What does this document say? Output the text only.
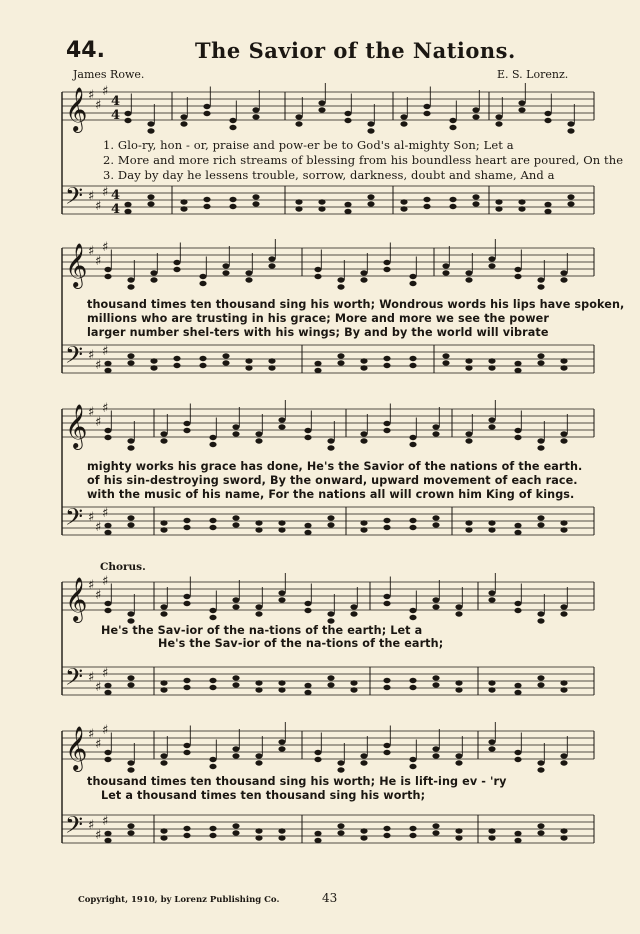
44.	The Savior of the Nations.
James Rowe.	E. S. Lorenz.
𝄞 ♯
♯
♯
4
4
𝄢 ♯
♯
♯ 4
4
𝄞 ♯
♯
♯
𝄢 ♯
♯
♯
𝄞 ♯
♯
♯
𝄢 ♯
♯
♯
𝄞 ♯
♯
♯
𝄢 ♯
♯
♯
𝄞 ♯
♯
♯
𝄢 ♯
♯
♯
1. Glo-ry, hon - or, praise and pow-er be to God's al-mighty Son; Let a
2. More and more rich streams of blessing from his boundless heart are poured, On the
3. Day by day he lessens trouble, sorrow, darkness, doubt and shame, And a
thousand times ten thousand sing his worth; Wondrous words his lips have spoken,
millions who are trusting in his grace; More and more we see the power
larger number shel-ters with his wings; By and by the world will vibrate
mighty works his grace has done, He's the Savior of the nations of the earth.
of his sin-destroying sword, By the onward, upward movement of each race.
with the music of his name, For the nations all will crown him King of kings.
Chorus.
He's the Sav-ior of the na-tions of the earth; Let a
He's the Sav-ior of the na-tions of the earth;
thousand times ten thousand sing his worth; He is lift-ing ev - 'ry
Let a thousand times ten thousand sing his worth;
Copyright, 1910, by Lorenz Publishing Co.	43
